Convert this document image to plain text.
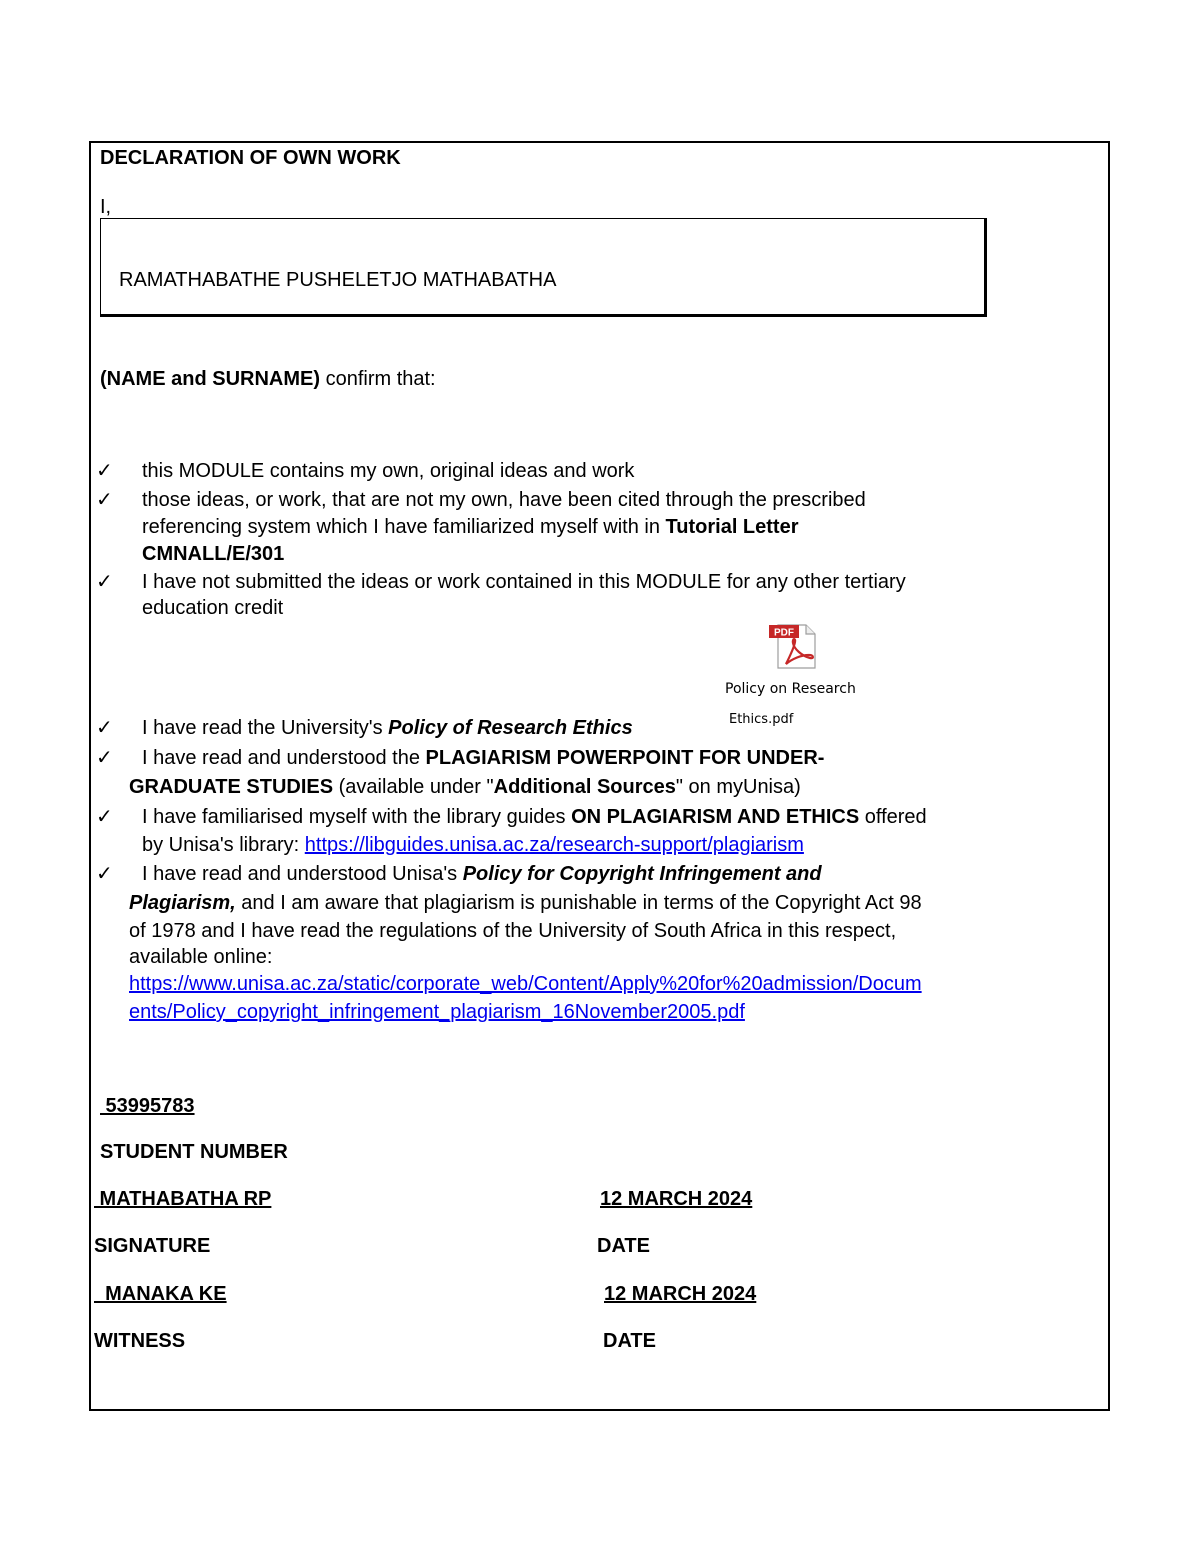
DECLARATION OF OWN WORK
I,
RAMATHABATHE PUSHELETJO MATHABATHA
(NAME and SURNAME) confirm that:
✓ this MODULE contains my own, original ideas and work
✓ those ideas, or work, that are not my own, have been cited through the prescribed
referencing system which I have familiarized myself with in Tutorial Letter
CMNALL/E/301
✓ I have not submitted the ideas or work contained in this MODULE for any other tertiary
education credit
PDF
Policy on Research
Ethics.pdf
✓ I have read the University's Policy of Research Ethics
✓ I have read and understood the PLAGIARISM POWERPOINT FOR UNDER-
GRADUATE STUDIES (available under "Additional Sources" on myUnisa)
✓ I have familiarised myself with the library guides ON PLAGIARISM AND ETHICS offered
by Unisa's library: https://libguides.unisa.ac.za/research-support/plagiarism
✓ I have read and understood Unisa's Policy for Copyright Infringement and
Plagiarism, and I am aware that plagiarism is punishable in terms of the Copyright Act 98
of 1978 and I have read the regulations of the University of South Africa in this respect,
available online:
https://www.unisa.ac.za/static/corporate_web/Content/Apply%20for%20admission/Docum
ents/Policy_copyright_infringement_plagiarism_16November2005.pdf
53995783
STUDENT NUMBER
MATHABATHA RP	12 MARCH 2024
SIGNATURE	DATE
MANAKA KE	12 MARCH 2024
WITNESS	DATE
